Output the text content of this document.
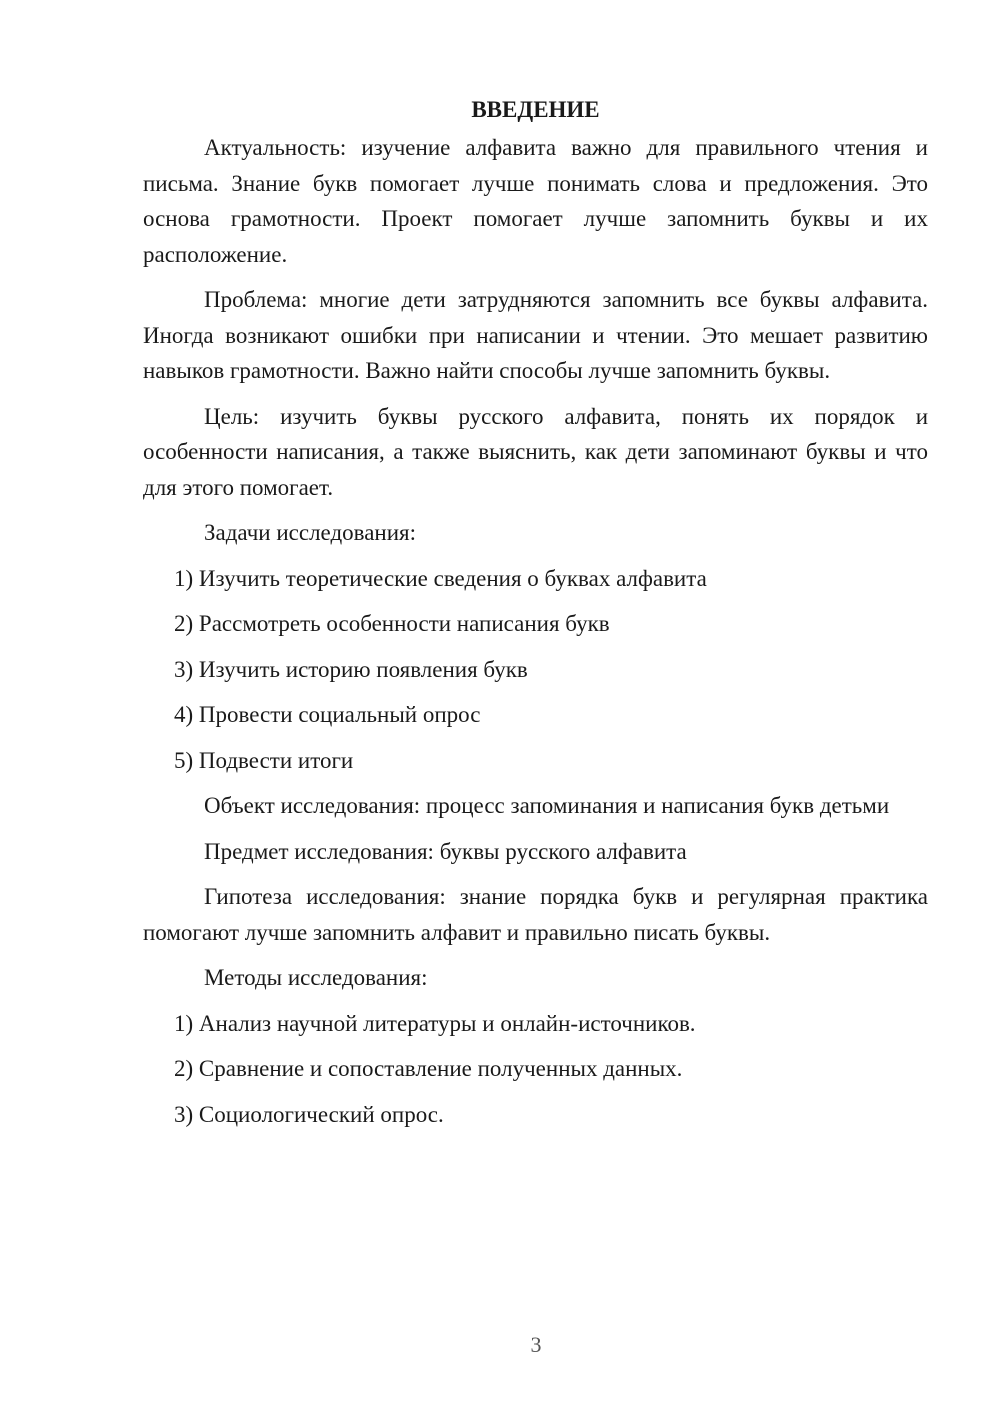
ВВЕДЕНИЕ
Актуальность: изучение алфавита важно для правильного чтения и письма. Знание букв помогает лучше понимать слова и предложения. Это основа грамотности. Проект помогает лучше запомнить буквы и их расположение.
Проблема: многие дети затрудняются запомнить все буквы алфавита. Иногда возникают ошибки при написании и чтении. Это мешает развитию навыков грамотности. Важно найти способы лучше запомнить буквы.
Цель: изучить буквы русского алфавита, понять их порядок и особенности написания, а также выяснить, как дети запоминают буквы и что для этого помогает.
Задачи исследования:
1) Изучить теоретические сведения о буквах алфавита
2) Рассмотреть особенности написания букв
3) Изучить историю появления букв
4) Провести социальный опрос
5) Подвести итоги
Объект исследования: процесс запоминания и написания букв детьми
Предмет исследования: буквы русского алфавита
Гипотеза исследования: знание порядка букв и регулярная практика помогают лучше запомнить алфавит и правильно писать буквы.
Методы исследования:
1) Анализ научной литературы и онлайн-источников.
2) Сравнение и сопоставление полученных данных.
3) Социологический опрос.
3
